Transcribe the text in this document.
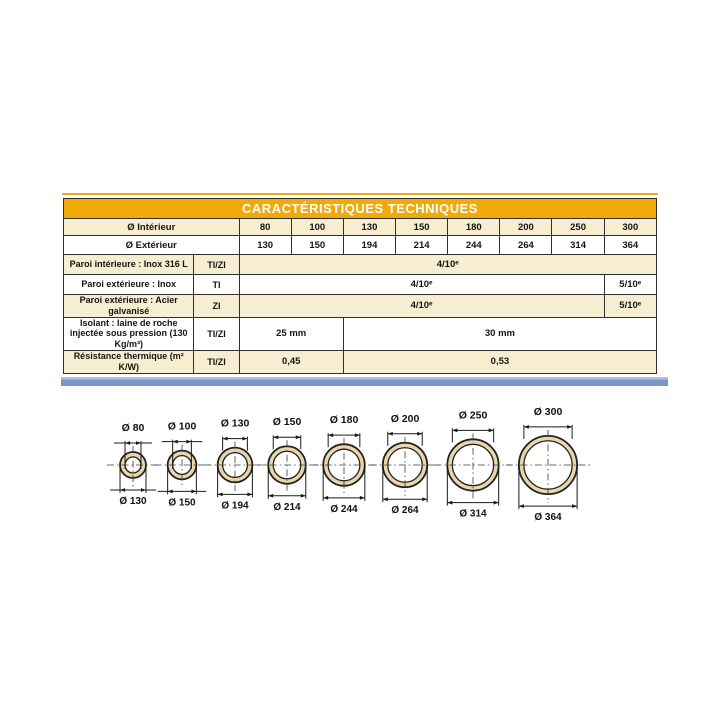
CARACTÉRISTIQUES TECHNIQUES									
Ø Intérieur		80	100	130	150	180	200	250	300
Ø Extérieur		130	150	194	214	244	264	314	364
Paroi intérieure : Inox 316 L	TI/ZI	4/10ᵉ							
Paroi extérieure : Inox	TI	4/10ᵉ							5/10ᵉ
Paroi extérieure : Acier galvanisé	ZI	4/10ᵉ							5/10ᵉ
Isolant : laine de roche injectée sous pression (130 Kg/m³)	TI/ZI	25 mm		30 mm					
Résistance thermique (m² K/W)	TI/ZI	0,45		0,53					
Ø 80
Ø 130
Ø 100
Ø 150
Ø 130
Ø 194
Ø 150
Ø 214
Ø 180
Ø 244
Ø 200
Ø 264
Ø 250
Ø 314
Ø 300
Ø 364
